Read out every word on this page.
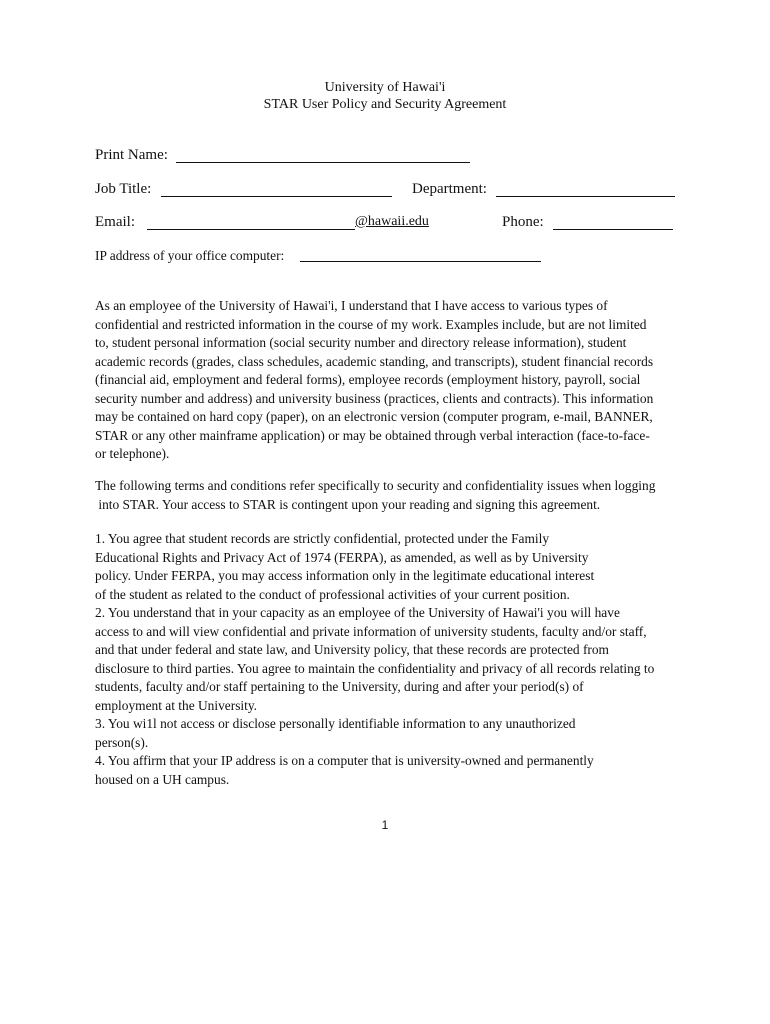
University of Hawai'i
STAR User Policy and Security Agreement
Print Name:
Job Title:	Department:
Email:	@hawaii.edu	Phone:
IP address of your office computer:
As an employee of the University of Hawai'i, I understand that I have access to various types of
confidential and restricted information in the course of my work. Examples include, but are not limited
to, student personal information (social security number and directory release information), student
academic records (grades, class schedules, academic standing, and transcripts), student financial records
(financial aid, employment and federal forms), employee records (employment history, payroll, social
security number and address) and university business (practices, clients and contracts). This information
may be contained on hard copy (paper), on an electronic version (computer program, e-mail, BANNER,
STAR or any other mainframe application) or may be obtained through verbal interaction (face-to-face-
or telephone).
The following terms and conditions refer specifically to security and confidentiality issues when logging
into STAR. Your access to STAR is contingent upon your reading and signing this agreement.
1. You agree that student records are strictly confidential, protected under the Family
Educational Rights and Privacy Act of 1974 (FERPA), as amended, as well as by University
policy. Under FERPA, you may access information only in the legitimate educational interest
of the student as related to the conduct of professional activities of your current position.
2. You understand that in your capacity as an employee of the University of Hawai'i you will have
access to and will view confidential and private information of university students, faculty and/or staff,
and that under federal and state law, and University policy, that these records are protected from
disclosure to third parties. You agree to maintain the confidentiality and privacy of all records relating to
students, faculty and/or staff pertaining to the University, during and after your period(s) of
employment at the University.
3. You wi1l not access or disclose personally identifiable information to any unauthorized
person(s).
4. You affirm that your IP address is on a computer that is university-owned and permanently
housed on a UH campus.
1
